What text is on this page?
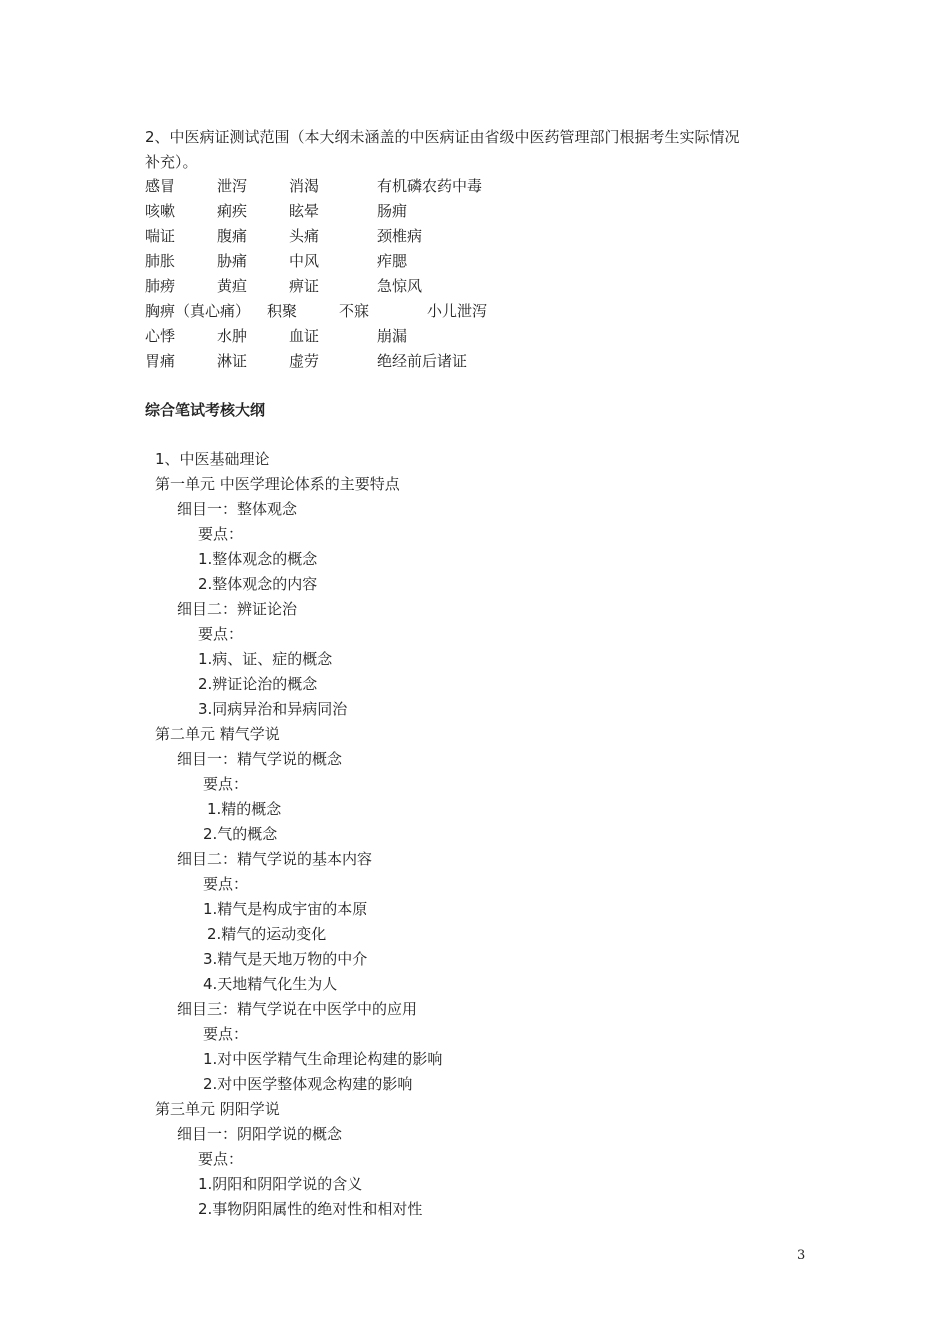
2、中医病证测试范围（本大纲未涵盖的中医病证由省级中医药管理部门根据考生实际情况
补充）。
感冒	泄泻	消渴	有机磷农药中毒
咳嗽	痢疾	眩晕	肠痈
喘证	腹痛	头痛	颈椎病
肺胀	胁痛	中风	痄腮
肺痨	黄疸	痹证	急惊风
胸痹（真心痛）	积聚	不寐	小儿泄泻
心悸	水肿	血证	崩漏
胃痛	淋证	虚劳	绝经前后诸证
综合笔试考核大纲
1、中医基础理论
第一单元 中医学理论体系的主要特点
细目一：整体观念
要点：
1.整体观念的概念
2.整体观念的内容
细目二：辨证论治
要点：
1.病、证、症的概念
2.辨证论治的概念
3.同病异治和异病同治
第二单元 精气学说
细目一：精气学说的概念
要点：
1.精的概念
2.气的概念
细目二：精气学说的基本内容
要点：
1.精气是构成宇宙的本原
2.精气的运动变化
3.精气是天地万物的中介
4.天地精气化生为人
细目三：精气学说在中医学中的应用
要点：
1.对中医学精气生命理论构建的影响
2.对中医学整体观念构建的影响
第三单元 阴阳学说
细目一：阴阳学说的概念
要点：
1.阴阳和阴阳学说的含义
2.事物阴阳属性的绝对性和相对性
3
